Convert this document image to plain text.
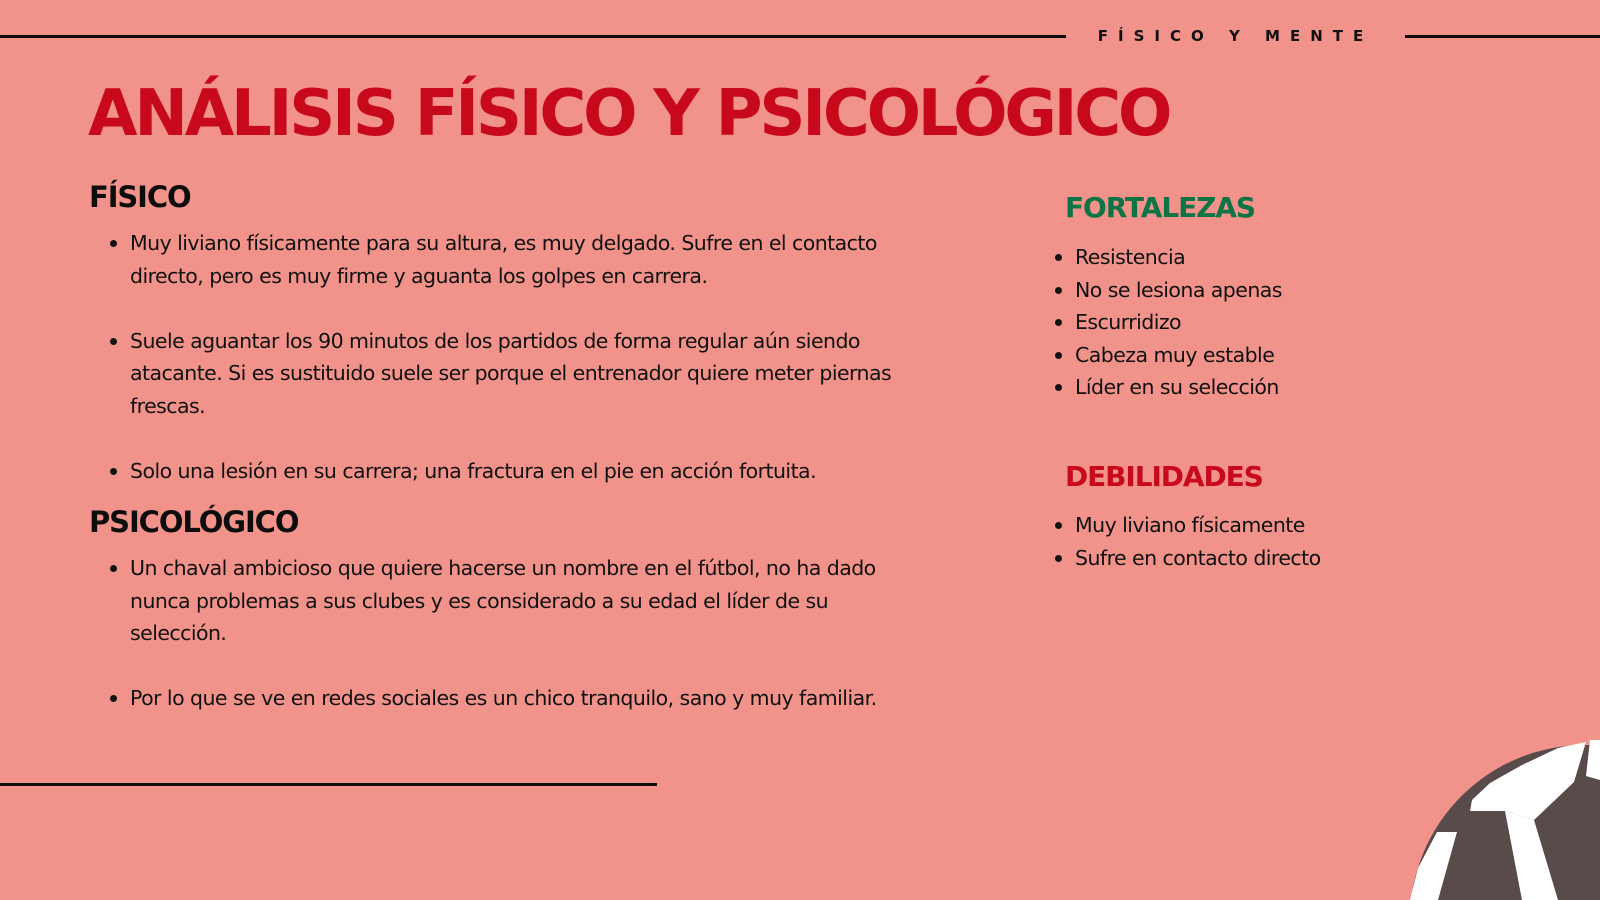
FÍSICO Y MENTE
ANÁLISIS FÍSICO Y PSICOLÓGICO
FÍSICO
Muy liviano físicamente para su altura, es muy delgado. Sufre en el contacto directo, pero es muy firme y aguanta los golpes en carrera.
Suele aguantar los 90 minutos de los partidos de forma regular aún siendo atacante. Si es sustituido suele ser porque el entrenador quiere meter piernas frescas.
Solo una lesión en su carrera; una fractura en el pie en acción fortuita.
PSICOLÓGICO
Un chaval ambicioso que quiere hacerse un nombre en el fútbol, no ha dado nunca problemas a sus clubes y es considerado a su edad el líder de su selección.
Por lo que se ve en redes sociales es un chico tranquilo, sano y muy familiar.
FORTALEZAS
Resistencia
No se lesiona apenas
Escurridizo
Cabeza muy estable
Líder en su selección
DEBILIDADES
Muy liviano físicamente
Sufre en contacto directo
